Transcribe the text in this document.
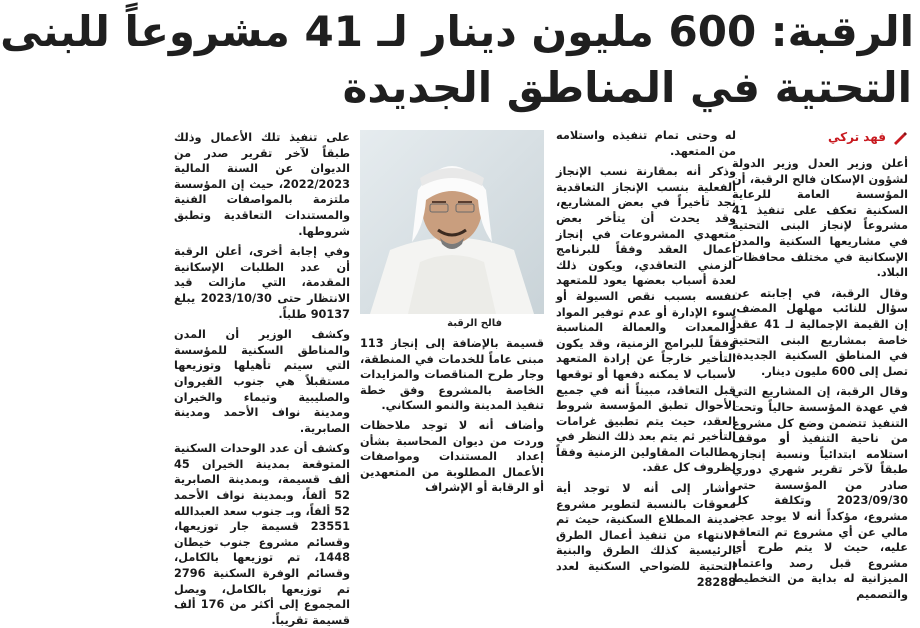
الرقبة: 600 مليون دينار لـ 41 مشروعاً للبنى
التحتية في المناطق الجديدة
فهد تركي

أعلن وزير العدل وزير الدولة لشؤون الإسكان فالح الرقبة، أن المؤسسة العامة للرعاية السكنية تعكف على تنفيذ 41 مشروعاً لإنجاز البنى التحتية في مشاريعها السكنية والمدن الإسكانية في مختلف محافظات البلاد.

وقال الرقبة، في إجابته عن سؤال للنائب مهلهل المضف، إن القيمة الإجمالية لـ 41 عقداً خاصة بمشاريع البنى التحتية في المناطق السكنية الجديدة، تصل إلى 600 مليون دينار.

وقال الرقبة، إن المشاريع التي في عهدة المؤسسة حالياً وتحت التنفيذ تتضمن وضع كل مشروع من ناحية التنفيذ أو موقف استلامه ابتدائياً ونسبة إنجازه طبقاً لآخر تقرير شهري دوري صادر من المؤسسة حتى 2023/09/30 وتكلفة كل مشروع، مؤكداً أنه لا يوجد عجز مالي عن أي مشروع تم التعاقد عليه، حيث لا يتم طرح أي مشروع قبل رصد واعتماد الميزانية له بداية من التخطيط والتصميم

له وحتى تمام تنفيذه واستلامه من المتعهد.

وذكر أنه بمقارنة نسب الإنجاز الفعلية بنسب الإنجاز التعاقدية نجد تأخيراً في بعض المشاريع، وقد يحدث أن يتأخر بعض متعهدي المشروعات في إنجاز أعمال العقد وفقاً للبرنامج الزمني التعاقدي، ويكون ذلك لعدة أسباب بعضها يعود للمتعهد نفسه بسبب نقص السيولة أو سوء الإدارة أو عدم توفير المواد والمعدات والعمالة المناسبة وفقاً للبرامج الزمنية، وقد يكون التأخير خارجاً عن إرادة المتعهد لأسباب لا يمكنه دفعها أو توقعها قبل التعاقد، مبيناً أنه في جميع الأحوال تطبق المؤسسة شروط العقد، حيث يتم تطبيق غرامات التأخير ثم يتم بعد ذلك النظر في مطالبات المقاولين الزمنية وفقاً لظروف كل عقد.

وأشار إلى أنه لا توجد أية معوقات بالنسبة لتطوير مشروع مدينة المطلاع السكنية، حيث تم الانتهاء من تنفيذ أعمال الطرق الرئيسية كذلك الطرق والبنية التحتية للضواحي السكنية لعدد 28288

فالح الرقبة

قسيمة بالإضافة إلى إنجاز 113 مبنى عاماً للخدمات في المنطقة، وجار طرح المناقصات والمزايدات الخاصة بالمشروع وفق خطة تنفيذ المدينة والنمو السكاني.

وأضاف أنه لا توجد ملاحظات وردت من ديوان المحاسبة بشأن إعداد المستندات ومواصفات الأعمال المطلوبة من المتعهدين أو الرقابة أو الإشراف

على تنفيذ تلك الأعمال وذلك طبقاً لآخر تقرير صدر من الديوان عن السنة المالية 2022/2023، حيث إن المؤسسة ملتزمة بالمواصفات الفنية والمستندات التعاقدية وتطبق شروطها.

وفي إجابة أخرى، أعلن الرقبة أن عدد الطلبات الإسكانية المقدمة، التي مازالت قيد الانتظار حتى 2023/10/30 يبلغ 90137 طلباً.

وكشف الوزير أن المدن والمناطق السكنية للمؤسسة التي سيتم تأهيلها وتوزيعها مستقبلاً هي جنوب القيروان والصليبية وتيماء والخيران ومدينة نواف الأحمد ومدينة الصابرية.

وكشف أن عدد الوحدات السكنية المتوقعة بمدينة الخيران 45 ألف قسيمة، وبمدينة الصابرية 52 ألفاً، وبمدينة نواف الأحمد 52 ألفاً، وبـ جنوب سعد العبدالله 23551 قسيمة جار توزيعها، وقسائم مشروع جنوب خيطان 1448، تم توزيعها بالكامل، وقسائم الوفرة السكنية 2796 تم توزيعها بالكامل، ويصل المجموع إلى أكثر من 176 ألف قسيمة تقريباً.
